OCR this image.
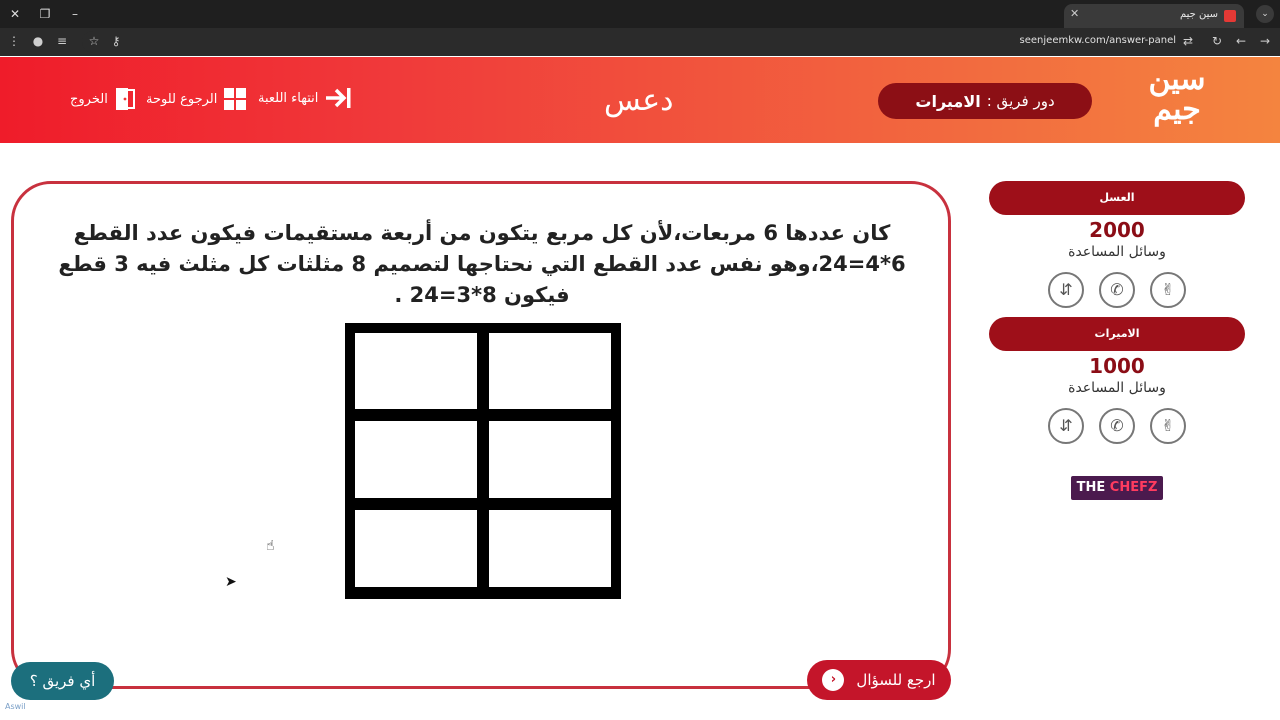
✕	❐	–	سين جيم
✕	⌄
⋮ ● ≡ ☆ ⚷	seenjeemkw.com/answer-panel ⇄ ↻ ← →
الخروج	الرجوع للوحة	انتهاء اللعبة	دعس	دور فريق :
الاميرات
سين
جيم
كان عددها 6 مربعات،لأن كل مربع يتكون من أربعة مستقيمات فيكون عدد القطع 6*4=24،وهو نفس عدد القطع التي نحتاجها لتصميم 8 مثلثات كل مثلث فيه 3 قطع فيكون 8*3=24 .
ارجع للسؤال
‹
أي فريق ؟
Aswil
العسل
2000
وسائل المساعدة
⇵	✆	✌
الاميرات
1000
وسائل المساعدة
⇵	✆	✌
THE CHEFZ
☝
➤
